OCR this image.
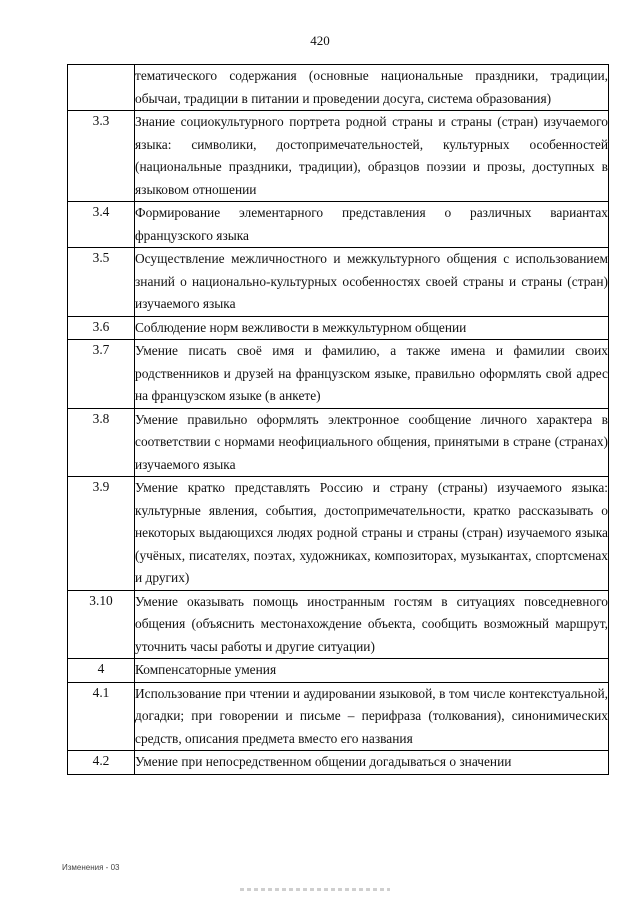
420
	тематического содержания (основные национальные праздники, традиции, обычаи, традиции в питании и проведении досуга, система образования)
3.3	Знание социокультурного портрета родной страны и страны (стран) изучаемого языка: символики, достопримечательностей, культурных особенностей (национальные праздники, традиции), образцов поэзии и прозы, доступных в языковом отношении
3.4	Формирование элементарного представления о различных вариантах французского языка
3.5	Осуществление межличностного и межкультурного общения с использованием знаний о национально-культурных особенностях своей страны и страны (стран) изучаемого языка
3.6	Соблюдение норм вежливости в межкультурном общении
3.7	Умение писать своё имя и фамилию, а также имена и фамилии своих родственников и друзей на французском языке, правильно оформлять свой адрес на французском языке (в анкете)
3.8	Умение правильно оформлять электронное сообщение личного характера в соответствии с нормами неофициального общения, принятыми в стране (странах) изучаемого языка
3.9	Умение кратко представлять Россию и страну (страны) изучаемого языка: культурные явления, события, достопримечательности, кратко рассказывать о некоторых выдающихся людях родной страны и страны (стран) изучаемого языка (учёных, писателях, поэтах, художниках, композиторах, музыкантах, спортсменах и других)
3.10	Умение оказывать помощь иностранным гостям в ситуациях повседневного общения (объяснить местонахождение объекта, сообщить возможный маршрут, уточнить часы работы и другие ситуации)
4	Компенсаторные умения
4.1	Использование при чтении и аудировании языковой, в том числе контекстуальной, догадки; при говорении и письме – перифраза (толкования), синонимических средств, описания предмета вместо его названия
4.2	Умение при непосредственном общении догадываться о значении
Изменения - 03
